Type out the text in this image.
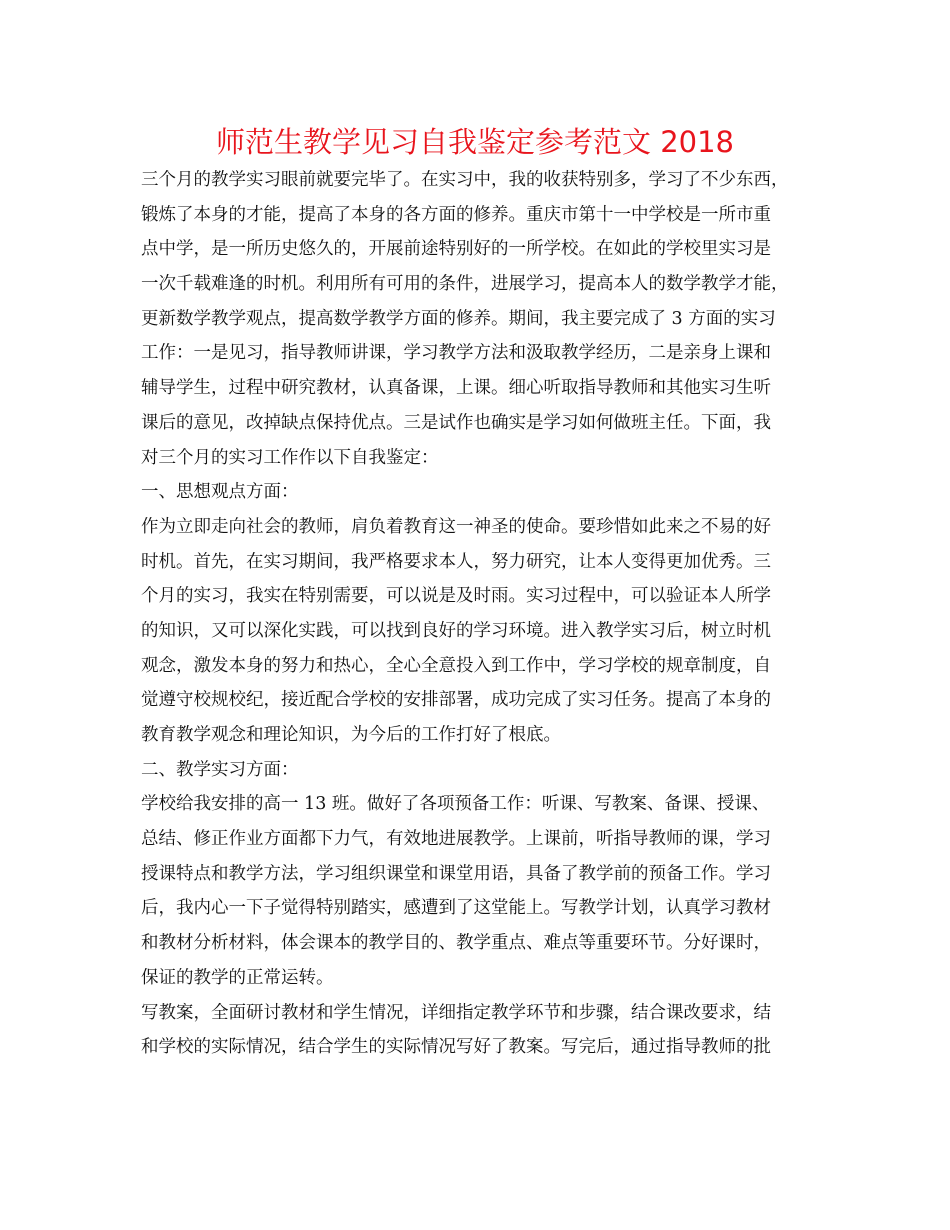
师范生教学见习自我鉴定参考范文 2018
三个月的教学实习眼前就要完毕了。在实习中，我的收获特别多，学习了不少东西，
锻炼了本身的才能，提高了本身的各方面的修养。重庆市第十一中学校是一所市重
点中学，是一所历史悠久的，开展前途特别好的一所学校。在如此的学校里实习是
一次千载难逢的时机。利用所有可用的条件，进展学习，提高本人的数学教学才能，
更新数学教学观点，提高数学教学方面的修养。期间，我主要完成了 3 方面的实习
工作：一是见习，指导教师讲课，学习教学方法和汲取教学经历，二是亲身上课和
辅导学生，过程中研究教材，认真备课，上课。细心听取指导教师和其他实习生听
课后的意见，改掉缺点保持优点。三是试作也确实是学习如何做班主任。下面，我
对三个月的实习工作作以下自我鉴定：
一、思想观点方面：
作为立即走向社会的教师，肩负着教育这一神圣的使命。要珍惜如此来之不易的好
时机。首先，在实习期间，我严格要求本人，努力研究，让本人变得更加优秀。三
个月的实习，我实在特别需要，可以说是及时雨。实习过程中，可以验证本人所学
的知识，又可以深化实践，可以找到良好的学习环境。进入教学实习后，树立时机
观念，激发本身的努力和热心，全心全意投入到工作中，学习学校的规章制度，自
觉遵守校规校纪，接近配合学校的安排部署，成功完成了实习任务。提高了本身的
教育教学观念和理论知识，为今后的工作打好了根底。
二、教学实习方面：
学校给我安排的高一 13 班。做好了各项预备工作：听课、写教案、备课、授课、
总结、修正作业方面都下力气，有效地进展教学。上课前，听指导教师的课，学习
授课特点和教学方法，学习组织课堂和课堂用语，具备了教学前的预备工作。学习
后，我内心一下子觉得特别踏实，感遭到了这堂能上。写教学计划，认真学习教材
和教材分析材料，体会课本的教学目的、教学重点、难点等重要环节。分好课时，
保证的教学的正常运转。
写教案，全面研讨教材和学生情况，详细指定教学环节和步骤，结合课改要求，结
和学校的实际情况，结合学生的实际情况写好了教案。写完后，通过指导教师的批
